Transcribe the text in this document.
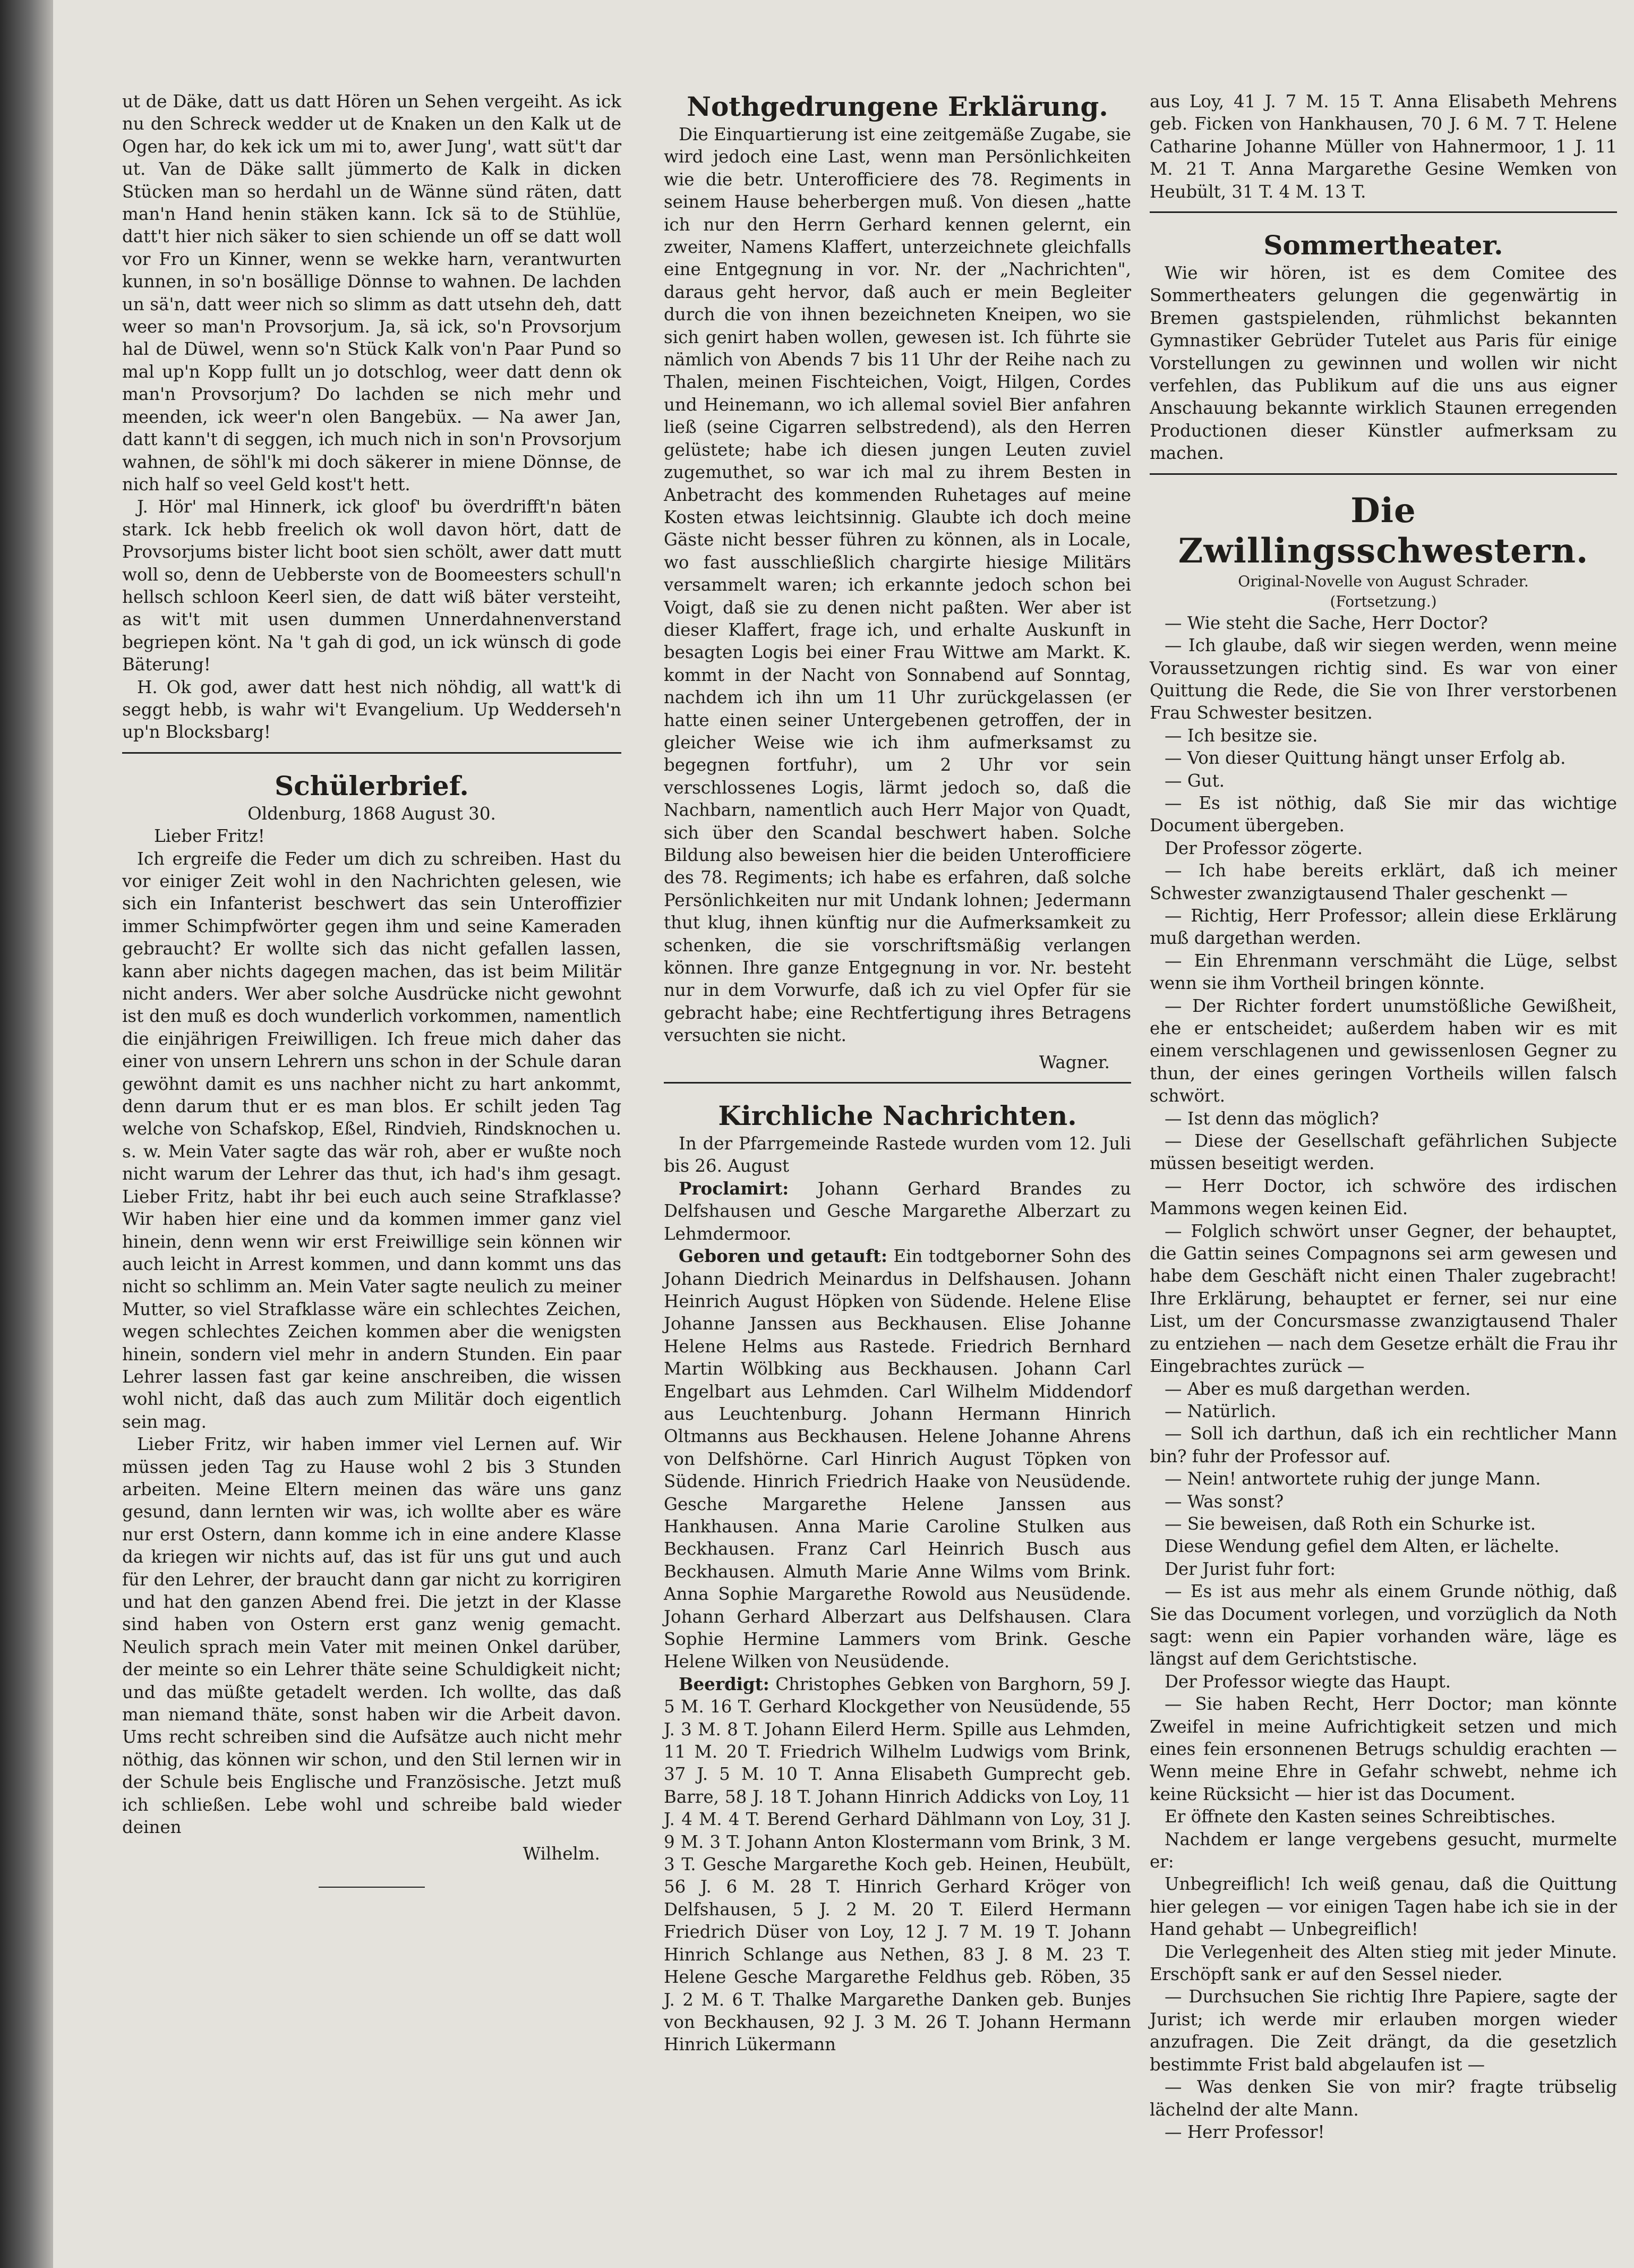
ut de Däke, datt us datt Hören un Sehen vergeiht. As ick nu den Schreck wedder ut de Knaken un den Kalk ut de Ogen har, do kek ick um mi to, awer Jung', watt süt't dar ut. Van de Däke sallt jümmerto de Kalk in dicken Stücken man so herdahl un de Wänne sünd räten, datt man'n Hand henin stäken kann. Ick sä to de Stühlüe, datt't hier nich säker to sien schiende un off se datt woll vor Fro un Kinner, wenn se wekke harn, verantwurten kunnen, in so'n bosällige Dönnse to wahnen. De lachden un sä'n, datt weer nich so slimm as datt utsehn deh, datt weer so man'n Provsorjum. Ja, sä ick, so'n Provsorjum hal de Düwel, wenn so'n Stück Kalk von'n Paar Pund so mal up'n Kopp fullt un jo dotschlog, weer datt denn ok man'n Provsorjum? Do lachden se nich mehr und meenden, ick weer'n olen Bangebüx. — Na awer Jan, datt kann't di seggen, ich much nich in son'n Provsorjum wahnen, de söhl'k mi doch säkerer in miene Dönnse, de nich half so veel Geld kost't hett.

J. Hör' mal Hinnerk, ick gloof' bu överdrifft'n bäten stark. Ick hebb freelich ok woll davon hört, datt de Provsorjums bister licht boot sien schölt, awer datt mutt woll so, denn de Uebberste von de Boomeesters schull'n hellsch schloon Keerl sien, de datt wiß bäter versteiht, as wit't mit usen dummen Unnerdahnenverstand begriepen könt. Na 't gah di god, un ick wünsch di gode Bäterung!

H. Ok god, awer datt hest nich nöhdig, all watt'k di seggt hebb, is wahr wi't Evangelium. Up Wedderseh'n up'n Blocksbarg!

Schülerbrief.

Oldenburg, 1868 August 30.

Lieber Fritz!

Ich ergreife die Feder um dich zu schreiben. Hast du vor einiger Zeit wohl in den Nachrichten gelesen, wie sich ein Infanterist beschwert das sein Unteroffizier immer Schimpfwörter gegen ihm und seine Kameraden gebraucht? Er wollte sich das nicht gefallen lassen, kann aber nichts dagegen machen, das ist beim Militär nicht anders. Wer aber solche Ausdrücke nicht gewohnt ist den muß es doch wunderlich vorkommen, namentlich die einjährigen Freiwilligen. Ich freue mich daher das einer von unsern Lehrern uns schon in der Schule daran gewöhnt damit es uns nachher nicht zu hart ankommt, denn darum thut er es man blos. Er schilt jeden Tag welche von Schafskop, Eßel, Rindvieh, Rindsknochen u. s. w. Mein Vater sagte das wär roh, aber er wußte noch nicht warum der Lehrer das thut, ich had's ihm gesagt. Lieber Fritz, habt ihr bei euch auch seine Strafklasse? Wir haben hier eine und da kommen immer ganz viel hinein, denn wenn wir erst Freiwillige sein können wir auch leicht in Arrest kommen, und dann kommt uns das nicht so schlimm an. Mein Vater sagte neulich zu meiner Mutter, so viel Strafklasse wäre ein schlechtes Zeichen, wegen schlechtes Zeichen kommen aber die wenigsten hinein, sondern viel mehr in andern Stunden. Ein paar Lehrer lassen fast gar keine anschreiben, die wissen wohl nicht, daß das auch zum Militär doch eigentlich sein mag.

Lieber Fritz, wir haben immer viel Lernen auf. Wir müssen jeden Tag zu Hause wohl 2 bis 3 Stunden arbeiten. Meine Eltern meinen das wäre uns ganz gesund, dann lernten wir was, ich wollte aber es wäre nur erst Ostern, dann komme ich in eine andere Klasse da kriegen wir nichts auf, das ist für uns gut und auch für den Lehrer, der braucht dann gar nicht zu korrigiren und hat den ganzen Abend frei. Die jetzt in der Klasse sind haben von Ostern erst ganz wenig gemacht. Neulich sprach mein Vater mit meinen Onkel darüber, der meinte so ein Lehrer thäte seine Schuldigkeit nicht; und das müßte getadelt werden. Ich wollte, das daß man niemand thäte, sonst haben wir die Arbeit davon. Ums recht schreiben sind die Aufsätze auch nicht mehr nöthig, das können wir schon, und den Stil lernen wir in der Schule beis Englische und Französische. Jetzt muß ich schließen. Lebe wohl und schreibe bald wieder deinen

Wilhelm.

Nothgedrungene Erklärung.

Die Einquartierung ist eine zeitgemäße Zugabe, sie wird jedoch eine Last, wenn man Persönlichkeiten wie die betr. Unterofficiere des 78. Regiments in seinem Hause beherbergen muß. Von diesen „hatte ich nur den Herrn Gerhard kennen gelernt, ein zweiter, Namens Klaffert, unterzeichnete gleichfalls eine Entgegnung in vor. Nr. der „Nachrichten", daraus geht hervor, daß auch er mein Begleiter durch die von ihnen bezeichneten Kneipen, wo sie sich genirt haben wollen, gewesen ist. Ich führte sie nämlich von Abends 7 bis 11 Uhr der Reihe nach zu Thalen, meinen Fischteichen, Voigt, Hilgen, Cordes und Heinemann, wo ich allemal soviel Bier anfahren ließ (seine Cigarren selbstredend), als den Herren gelüstete; habe ich diesen jungen Leuten zuviel zugemuthet, so war ich mal zu ihrem Besten in Anbetracht des kommenden Ruhetages auf meine Kosten etwas leichtsinnig. Glaubte ich doch meine Gäste nicht besser führen zu können, als in Locale, wo fast ausschließlich chargirte hiesige Militärs versammelt waren; ich erkannte jedoch schon bei Voigt, daß sie zu denen nicht paßten. Wer aber ist dieser Klaffert, frage ich, und erhalte Auskunft in besagten Logis bei einer Frau Wittwe am Markt. K. kommt in der Nacht von Sonnabend auf Sonntag, nachdem ich ihn um 11 Uhr zurückgelassen (er hatte einen seiner Untergebenen getroffen, der in gleicher Weise wie ich ihm aufmerksamst zu begegnen fortfuhr), um 2 Uhr vor sein verschlossenes Logis, lärmt jedoch so, daß die Nachbarn, namentlich auch Herr Major von Quadt, sich über den Scandal beschwert haben. Solche Bildung also beweisen hier die beiden Unterofficiere des 78. Regiments; ich habe es erfahren, daß solche Persönlichkeiten nur mit Undank lohnen; Jedermann thut klug, ihnen künftig nur die Aufmerksamkeit zu schenken, die sie vorschriftsmäßig verlangen können. Ihre ganze Entgegnung in vor. Nr. besteht nur in dem Vorwurfe, daß ich zu viel Opfer für sie gebracht habe; eine Rechtfertigung ihres Betragens versuchten sie nicht.

Wagner.

Kirchliche Nachrichten.

In der Pfarrgemeinde Rastede wurden vom 12. Juli bis 26. August

Proclamirt: Johann Gerhard Brandes zu Delfshausen und Gesche Margarethe Alberzart zu Lehmdermoor.

Geboren und getauft: Ein todtgeborner Sohn des Johann Diedrich Meinardus in Delfshausen. Johann Heinrich August Höpken von Südende. Helene Elise Johanne Janssen aus Beckhausen. Elise Johanne Helene Helms aus Rastede. Friedrich Bernhard Martin Wölbking aus Beckhausen. Johann Carl Engelbart aus Lehmden. Carl Wilhelm Middendorf aus Leuchtenburg. Johann Hermann Hinrich Oltmanns aus Beckhausen. Helene Johanne Ahrens von Delfshörne. Carl Hinrich August Töpken von Südende. Hinrich Friedrich Haake von Neusüdende. Gesche Margarethe Helene Janssen aus Hankhausen. Anna Marie Caroline Stulken aus Beckhausen. Franz Carl Heinrich Busch aus Beckhausen. Almuth Marie Anne Wilms vom Brink. Anna Sophie Margarethe Rowold aus Neusüdende. Johann Gerhard Alberzart aus Delfshausen. Clara Sophie Hermine Lammers vom Brink. Gesche Helene Wilken von Neusüdende.

Beerdigt: Christophes Gebken von Barghorn, 59 J. 5 M. 16 T. Gerhard Klockgether von Neusüdende, 55 J. 3 M. 8 T. Johann Eilerd Herm. Spille aus Lehmden, 11 M. 20 T. Friedrich Wilhelm Ludwigs vom Brink, 37 J. 5 M. 10 T. Anna Elisabeth Gumprecht geb. Barre, 58 J. 18 T. Johann Hinrich Addicks von Loy, 11 J. 4 M. 4 T. Berend Gerhard Dählmann von Loy, 31 J. 9 M. 3 T. Johann Anton Klostermann vom Brink, 3 M. 3 T. Gesche Margarethe Koch geb. Heinen, Heubült, 56 J. 6 M. 28 T. Hinrich Gerhard Kröger von Delfshausen, 5 J. 2 M. 20 T. Eilerd Hermann Friedrich Düser von Loy, 12 J. 7 M. 19 T. Johann Hinrich Schlange aus Nethen, 83 J. 8 M. 23 T. Helene Gesche Margarethe Feldhus geb. Röben, 35 J. 2 M. 6 T. Thalke Margarethe Danken geb. Bunjes von Beckhausen, 92 J. 3 M. 26 T. Johann Hermann Hinrich Lükermann

aus Loy, 41 J. 7 M. 15 T. Anna Elisabeth Mehrens geb. Ficken von Hankhausen, 70 J. 6 M. 7 T. Helene Catharine Johanne Müller von Hahnermoor, 1 J. 11 M. 21 T. Anna Margarethe Gesine Wemken von Heubült, 31 T. 4 M. 13 T.

Sommertheater.

Wie wir hören, ist es dem Comitee des Sommertheaters gelungen die gegenwärtig in Bremen gastspielenden, rühmlichst bekannten Gymnastiker Gebrüder Tutelet aus Paris für einige Vorstellungen zu gewinnen und wollen wir nicht verfehlen, das Publikum auf die uns aus eigner Anschauung bekannte wirklich Staunen erregenden Productionen dieser Künstler aufmerksam zu machen.

Die Zwillingsschwestern.

Original-Novelle von August Schrader.

(Fortsetzung.)

— Wie steht die Sache, Herr Doctor?

— Ich glaube, daß wir siegen werden, wenn meine Voraussetzungen richtig sind. Es war von einer Quittung die Rede, die Sie von Ihrer verstorbenen Frau Schwester besitzen.

— Ich besitze sie.

— Von dieser Quittung hängt unser Erfolg ab.

— Gut.

— Es ist nöthig, daß Sie mir das wichtige Document übergeben.

Der Professor zögerte.

— Ich habe bereits erklärt, daß ich meiner Schwester zwanzigtausend Thaler geschenkt —

— Richtig, Herr Professor; allein diese Erklärung muß dargethan werden.

— Ein Ehrenmann verschmäht die Lüge, selbst wenn sie ihm Vortheil bringen könnte.

— Der Richter fordert unumstößliche Gewißheit, ehe er entscheidet; außerdem haben wir es mit einem verschlagenen und gewissenlosen Gegner zu thun, der eines geringen Vortheils willen falsch schwört.

— Ist denn das möglich?

— Diese der Gesellschaft gefährlichen Subjecte müssen beseitigt werden.

— Herr Doctor, ich schwöre des irdischen Mammons wegen keinen Eid.

— Folglich schwört unser Gegner, der behauptet, die Gattin seines Compagnons sei arm gewesen und habe dem Geschäft nicht einen Thaler zugebracht! Ihre Erklärung, behauptet er ferner, sei nur eine List, um der Concursmasse zwanzigtausend Thaler zu entziehen — nach dem Gesetze erhält die Frau ihr Eingebrachtes zurück —

— Aber es muß dargethan werden.

— Natürlich.

— Soll ich darthun, daß ich ein rechtlicher Mann bin? fuhr der Professor auf.

— Nein! antwortete ruhig der junge Mann.

— Was sonst?

— Sie beweisen, daß Roth ein Schurke ist.

Diese Wendung gefiel dem Alten, er lächelte.

Der Jurist fuhr fort:

— Es ist aus mehr als einem Grunde nöthig, daß Sie das Document vorlegen, und vorzüglich da Noth sagt: wenn ein Papier vorhanden wäre, läge es längst auf dem Gerichtstische.

Der Professor wiegte das Haupt.

— Sie haben Recht, Herr Doctor; man könnte Zweifel in meine Aufrichtigkeit setzen und mich eines fein ersonnenen Betrugs schuldig erachten — Wenn meine Ehre in Gefahr schwebt, nehme ich keine Rücksicht — hier ist das Document.

Er öffnete den Kasten seines Schreibtisches.

Nachdem er lange vergebens gesucht, murmelte er:

Unbegreiflich! Ich weiß genau, daß die Quittung hier gelegen — vor einigen Tagen habe ich sie in der Hand gehabt — Unbegreiflich!

Die Verlegenheit des Alten stieg mit jeder Minute. Erschöpft sank er auf den Sessel nieder.

— Durchsuchen Sie richtig Ihre Papiere, sagte der Jurist; ich werde mir erlauben morgen wieder anzufragen. Die Zeit drängt, da die gesetzlich bestimmte Frist bald abgelaufen ist —

— Was denken Sie von mir? fragte trübselig lächelnd der alte Mann.

— Herr Professor!
